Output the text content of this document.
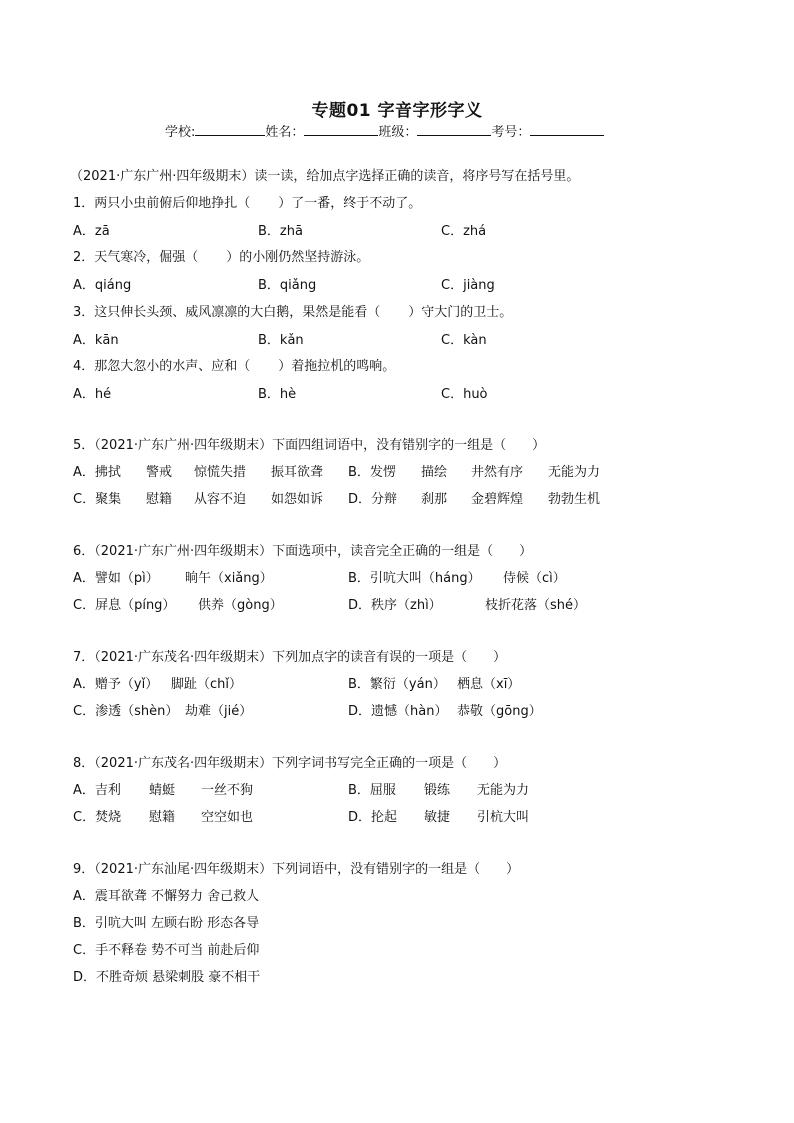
专题01 字音字形字义
学校:	姓名：	班级：	考号：
（2021·广东广州·四年级期末）读一读，给加点字选择正确的读音，将序号写在括号里。
1．两只小虫前俯后仰地挣扎（ ）了一番，终于不动了。
A．zā	B．zhā	C．zhá
2．天气寒冷，倔强（ ）的小刚仍然坚持游泳。
A．qiáng	B．qiǎng	C．jiàng
3．这只伸长头颈、威风凛凛的大白鹅，果然是能看（ ）守大门的卫士。
A．kān	B．kǎn	C．kàn
4．那忽大忽小的水声、应和（ ）着拖拉机的鸣响。
A．hé	B．hè	C．huò
5．（2021·广东广州·四年级期末）下面四组词语中，没有错别字的一组是（　　）
A．拂拭 警戒 惊慌失措 振耳欲聋 B．发愣 描绘 井然有序 无能为力
C．聚集 慰籍 从容不迫 如怨如诉 D．分辩 刹那 金碧辉煌 勃勃生机
6．（2021·广东广州·四年级期末）下面选项中，读音完全正确的一组是（　　）
A．譬如（pì） 晌午（xiǎng）	B．引吭大叫（háng） 侍候（cì）
C．屏息（píng） 供养（gòng）	D．秩序（zhì）	枝折花落（shé）
7．（2021·广东茂名·四年级期末）下列加点字的读音有误的一项是（　　）
A．赠予（yǐ） 脚趾（chǐ）	B．繁衍（yán） 栖息（xī）
C．渗透（shèn） 劫难（jié）	D．遗憾（hàn） 恭敬（gōng）
8．（2021·广东茂名·四年级期末）下列字词书写完全正确的一项是（　　）
A．吉利 蜻蜓 一丝不狗	B．屈服 锻练 无能为力
C．焚烧 慰籍 空空如也	D．抡起 敏捷 引杭大叫
9．（2021·广东汕尾·四年级期末）下列词语中，没有错别字的一组是（　　）
A．震耳欲聋 不懈努力 舍己救人
B．引吭大叫 左顾右盼 形态各导
C．手不释卷 势不可当 前赴后仰
D．不胜奇烦 悬梁刺股 豪不相干
